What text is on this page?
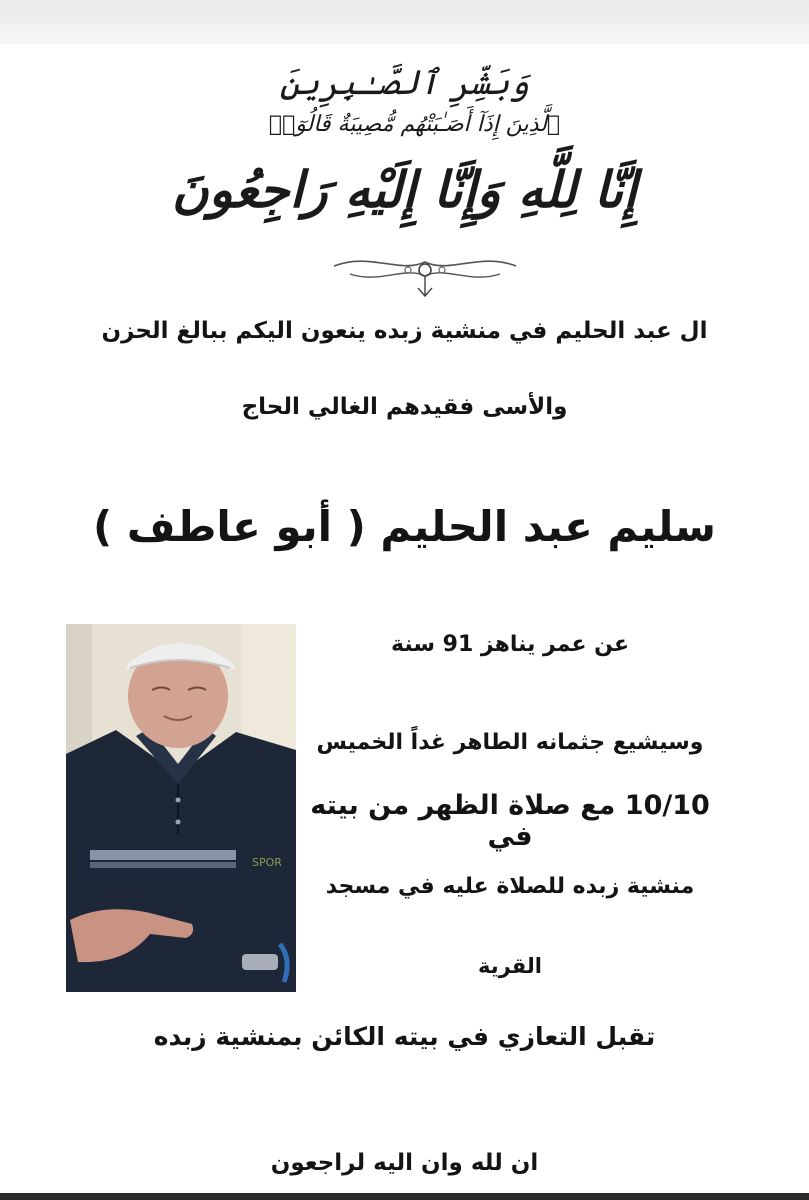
وَبَشِّرِ ٱلصَّـٰبِرِينَ
ٱلَّذِينَ إِذَآ أَصَـٰبَتْهُم مُّصِيبَةٌ قَالُوٓا۟
إِنَّا لِلَّهِ وَإِنَّا إِلَيْهِ رَاجِعُونَ
ال عبد الحليم في منشية زبده ينعون اليكم ببالغ الحزن
والأسى فقيدهم الغالي الحاج
سليم عبد الحليم ( أبو عاطف )
SPOR
عن عمر يناهز 91 سنة
وسيشيع جثمانه الطاهر غداً الخميس
10/10 مع صلاة الظهر من بيته في
منشية زبده للصلاة عليه في مسجد
القرية
تقبل التعازي في بيته الكائن بمنشية زبده
ان لله وان اليه لراجعون
